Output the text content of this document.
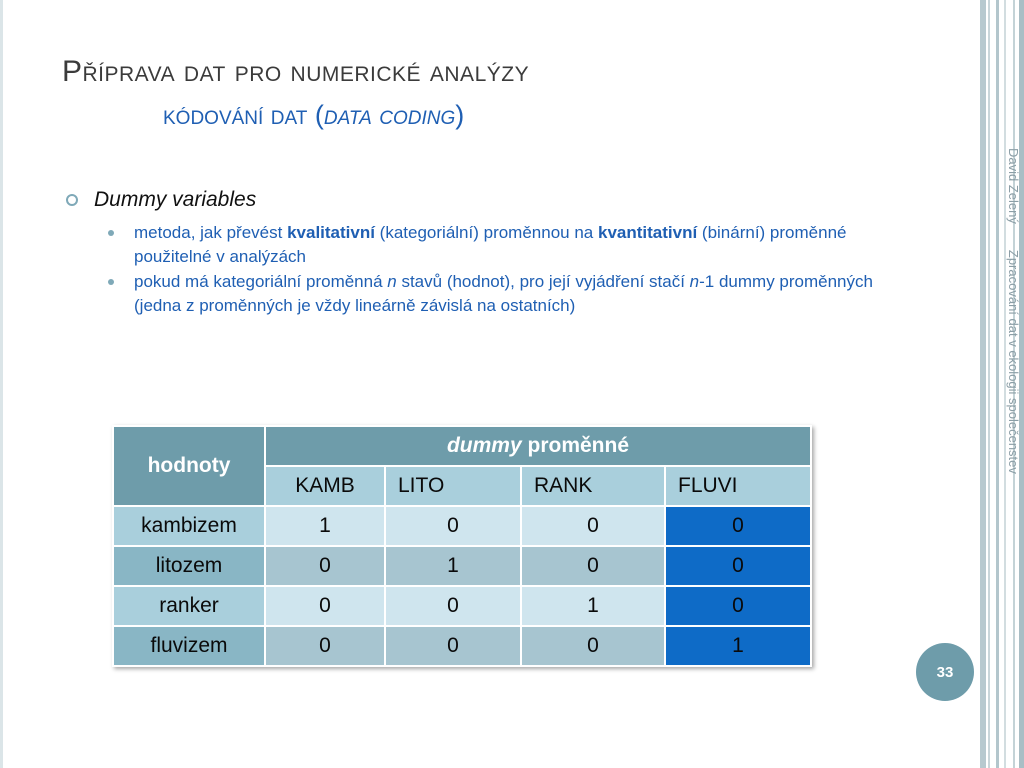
Příprava dat pro numerické analýzy
kódování dat (data coding)
Dummy variables
metoda, jak převést kvalitativní (kategoriální) proměnnou na kvantitativní (binární) proměnné použitelné v analýzách
pokud má kategoriální proměnná n stavů (hodnot), pro její vyjádření stačí n-1 dummy proměnných (jedna z proměnných je vždy lineárně závislá na ostatních)
hodnoty	dummy proměnné			
	KAMB	LITO	RANK	FLUVI
kambizem	1	0	0	0
litozem	0	1	0	0
ranker	0	0	1	0
fluvizem	0	0	0	1
David ZelenýZpracování dat v ekologii společenstev
33
